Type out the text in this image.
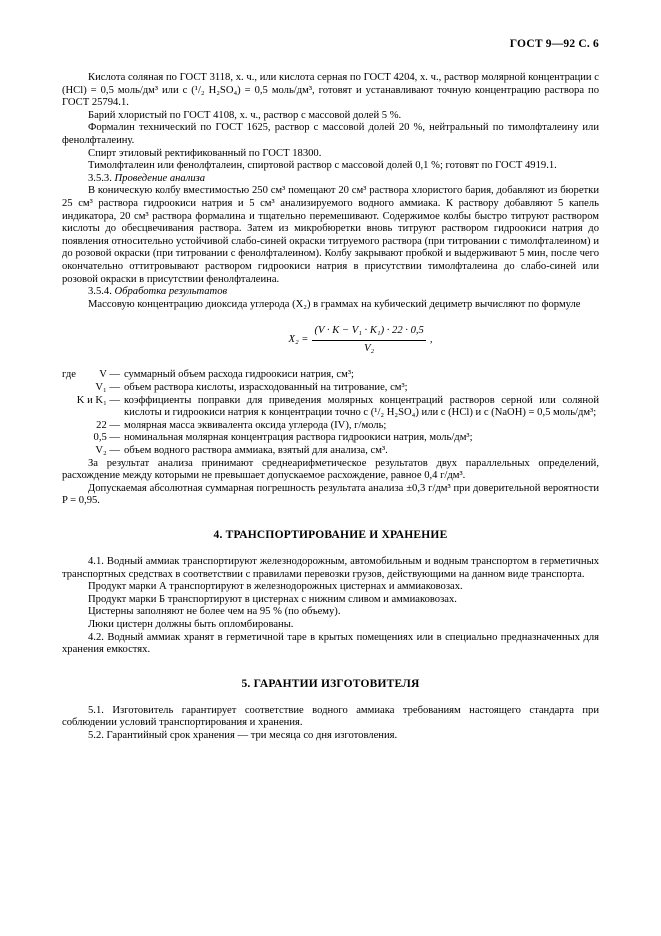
ГОСТ 9—92 С. 6

Кислота соляная по ГОСТ 3118, х. ч., или кислота серная по ГОСТ 4204, х. ч., раствор молярной концентрации c (HCl) = 0,5 моль/дм³ или c (¹/₂ H₂SO₄) = 0,5 моль/дм³, готовят и устанавливают точную концентрацию раствора по ГОСТ 25794.1.

Барий хлористый по ГОСТ 4108, х. ч., раствор с массовой долей 5 %.

Формалин технический по ГОСТ 1625, раствор с массовой долей 20 %, нейтральный по тимолфталеину или фенолфталеину.

Спирт этиловый ректификованный по ГОСТ 18300.

Тимолфталеин или фенолфталеин, спиртовой раствор с массовой долей 0,1 %; готовят по ГОСТ 4919.1.

3.5.3. Проведение анализа

В коническую колбу вместимостью 250 см³ помещают 20 см³ раствора хлористого бария, добавляют из бюретки 25 см³ раствора гидроокиси натрия и 5 см³ анализируемого водного аммиака. К раствору добавляют 5 капель индикатора, 20 см³ раствора формалина и тщательно перемешивают. Содержимое колбы быстро титруют раствором кислоты до обесцвечивания раствора. Затем из микробюретки вновь титруют раствором гидроокиси натрия до появления относительно устойчивой слабо-синей окраски титруемого раствора (при титровании с тимолфталеином) и до розовой окраски (при титровании с фенолфталеином). Колбу закрывают пробкой и выдерживают 5 мин, после чего окончательно оттитровывают раствором гидроокиси натрия в присутствии тимолфталеина до слабо-синей или розовой окраски в присутствии фенолфталеина.

3.5.4. Обработка результатов

Массовую концентрацию диоксида углерода (X₂) в граммах на кубический дециметр вычисляют по формуле

$X_2 = \frac{\text{(V · K − V₁ · K₁) · 22 · 0,5}}{\text{V₂}}$ ,
где	V — суммарный объем расхода гидроокиси натрия, см³;
V₁ — объем раствора кислоты, израсходованный на титрование, см³;
K и K₁ — коэффициенты поправки для приведения молярных концентраций растворов серной или соляной кислоты и гидроокиси натрия к концентрации точно c (¹/₂ H₂SO₄) или c (HCl) и c (NaOH) = 0,5 моль/дм³;
22 — молярная масса эквивалента оксида углерода (IV), г/моль;
0,5 — номинальная молярная концентрация раствора гидроокиси натрия, моль/дм³;
V₂ — объем водного раствора аммиака, взятый для анализа, см³.

За результат анализа принимают среднеарифметическое результатов двух параллельных определений, расхождение между которыми не превышает допускаемое расхождение, равное 0,4 г/дм³.

Допускаемая абсолютная суммарная погрешность результата анализа ±0,3 г/дм³ при доверительной вероятности P = 0,95.

4. ТРАНСПОРТИРОВАНИЕ И ХРАНЕНИЕ

4.1. Водный аммиак транспортируют железнодорожным, автомобильным и водным транспортом в герметичных транспортных средствах в соответствии с правилами перевозки грузов, действующими на данном виде транспорта.

Продукт марки А транспортируют в железнодорожных цистернах и аммиаковозах.

Продукт марки Б транспортируют в цистернах с нижним сливом и аммиаковозах.

Цистерны заполняют не более чем на 95 % (по объему).

Люки цистерн должны быть опломбированы.

4.2. Водный аммиак хранят в герметичной таре в крытых помещениях или в специально предназначенных для хранения емкостях.

5. ГАРАНТИИ ИЗГОТОВИТЕЛЯ

5.1. Изготовитель гарантирует соответствие водного аммиака требованиям настоящего стандарта при соблюдении условий транспортирования и хранения.

5.2. Гарантийный срок хранения — три месяца со дня изготовления.
